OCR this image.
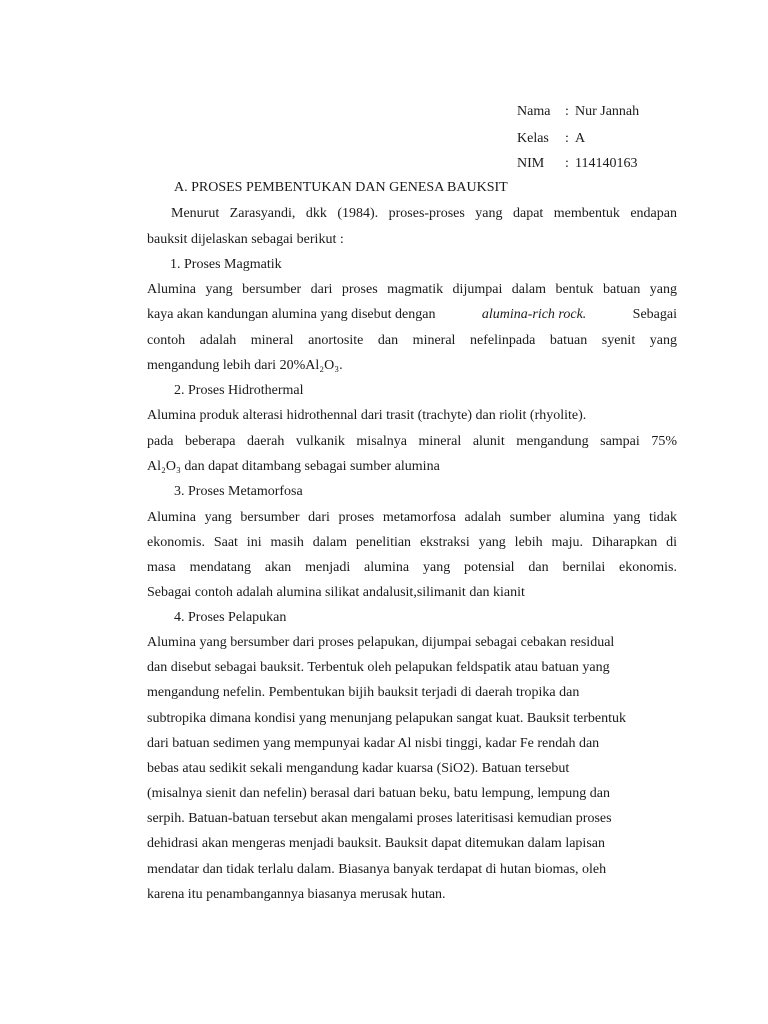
Nama : Nur Jannah
Kelas : A
NIM : 114140163
A. PROSES PEMBENTUKAN DAN GENESA BAUKSIT
Menurut Zarasyandi, dkk (1984). proses-proses yang dapat membentuk endapan
bauksit dijelaskan sebagai berikut :
1. Proses Magmatik
Alumina yang bersumber dari proses magmatik dijumpai dalam bentuk batuan yang
kaya akan kandungan alumina yang disebut dengan	alumina-rich rock.	Sebagai
contoh adalah mineral anortosite dan mineral nefelinpada batuan syenit yang
mengandung lebih dari 20%Al₂O₃.
2. Proses Hidrothermal
Alumina produk alterasi hidrothennal dari trasit (trachyte) dan riolit (rhyolite).
pada beberapa daerah vulkanik misalnya mineral alunit mengandung sampai 75%
Al₂O₃ dan dapat ditambang sebagai sumber alumina
3. Proses Metamorfosa
Alumina yang bersumber dari proses metamorfosa adalah sumber alumina yang tidak
ekonomis. Saat ini masih dalam penelitian ekstraksi yang lebih maju. Diharapkan di
masa mendatang akan menjadi alumina yang potensial dan bernilai ekonomis.
Sebagai contoh adalah alumina silikat andalusit,silimanit dan kianit
4. Proses Pelapukan
Alumina yang bersumber dari proses pelapukan, dijumpai sebagai cebakan residual
dan disebut sebagai bauksit. Terbentuk oleh pelapukan feldspatik atau batuan yang
mengandung nefelin. Pembentukan bijih bauksit terjadi di daerah tropika dan
subtropika dimana kondisi yang menunjang pelapukan sangat kuat. Bauksit terbentuk
dari batuan sedimen yang mempunyai kadar Al nisbi tinggi, kadar Fe rendah dan
bebas atau sedikit sekali mengandung kadar kuarsa (SiO2). Batuan tersebut
(misalnya sienit dan nefelin) berasal dari batuan beku, batu lempung, lempung dan
serpih. Batuan-batuan tersebut akan mengalami proses lateritisasi kemudian proses
dehidrasi akan mengeras menjadi bauksit. Bauksit dapat ditemukan dalam lapisan
mendatar dan tidak terlalu dalam. Biasanya banyak terdapat di hutan biomas, oleh
karena itu penambangannya biasanya merusak hutan.
